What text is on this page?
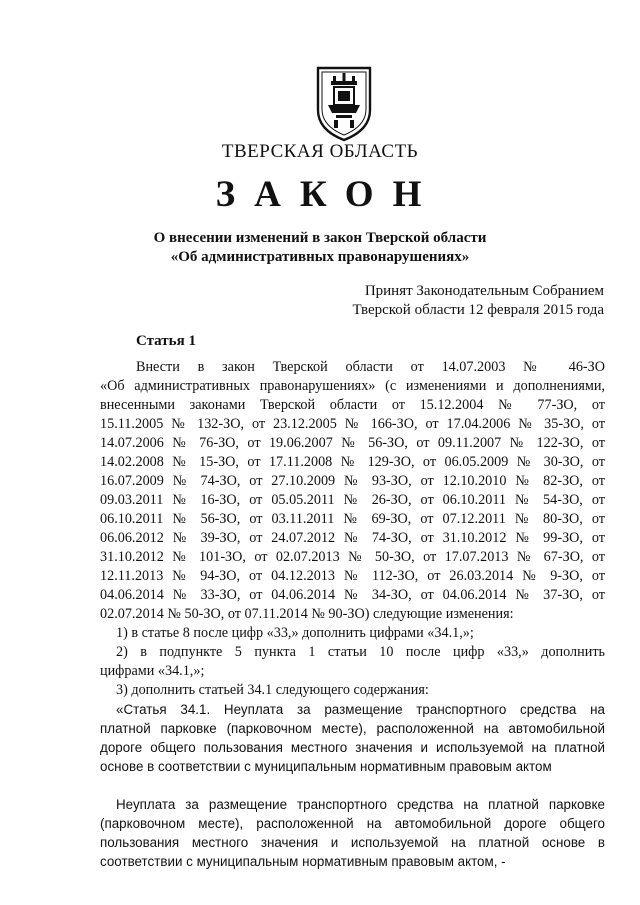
ТВЕРСКАЯ ОБЛАСТЬ
ЗАКОН
О внесении изменений в закон Тверской области
«Об административных правонарушениях»
Принят Законодательным Собранием
Тверской области 12 февраля 2015 года
Статья 1
Внести в закон Тверской области от 14.07.2003 № 46-ЗО
«Об административных правонарушениях» (с изменениями и дополнениями,
внесенными законами Тверской области от 15.12.2004 № 77-ЗО, от
15.11.2005 № 132-ЗО, от 23.12.2005 № 166-ЗО, от 17.04.2006 № 35-ЗО, от
14.07.2006 № 76-ЗО, от 19.06.2007 № 56-ЗО, от 09.11.2007 № 122-ЗО, от
14.02.2008 № 15-ЗО, от 17.11.2008 № 129-ЗО, от 06.05.2009 № 30-ЗО, от
16.07.2009 № 74-ЗО, от 27.10.2009 № 93-ЗО, от 12.10.2010 № 82-ЗО, от
09.03.2011 № 16-ЗО, от 05.05.2011 № 26-ЗО, от 06.10.2011 № 54-ЗО, от
06.10.2011 № 56-ЗО, от 03.11.2011 № 69-ЗО, от 07.12.2011 № 80-ЗО, от
06.06.2012 № 39-ЗО, от 24.07.2012 № 74-ЗО, от 31.10.2012 № 99-ЗО, от
31.10.2012 № 101-ЗО, от 02.07.2013 № 50-ЗО, от 17.07.2013 № 67-ЗО, от
12.11.2013 № 94-ЗО, от 04.12.2013 № 112-ЗО, от 26.03.2014 № 9-ЗО, от
04.06.2014 № 33-ЗО, от 04.06.2014 № 34-ЗО, от 04.06.2014 № 37-ЗО, от
02.07.2014 № 50-ЗО, от 07.11.2014 № 90-ЗО) следующие изменения:
1) в статье 8 после цифр «33,» дополнить цифрами «34.1,»;
2) в подпункте 5 пункта 1 статьи 10 после цифр «33,» дополнить
цифрами «34.1,»;
3) дополнить статьей 34.1 следующего содержания:
«Статья 34.1. Неуплата за размещение транспортного средства на
платной парковке (парковочном месте), расположенной на автомобильной
дороге общего пользования местного значения и используемой на платной
основе в соответствии с муниципальным нормативным правовым актом
Неуплата за размещение транспортного средства на платной парковке
(парковочном месте), расположенной на автомобильной дороге общего
пользования местного значения и используемой на платной основе в
соответствии с муниципальным нормативным правовым актом, -
